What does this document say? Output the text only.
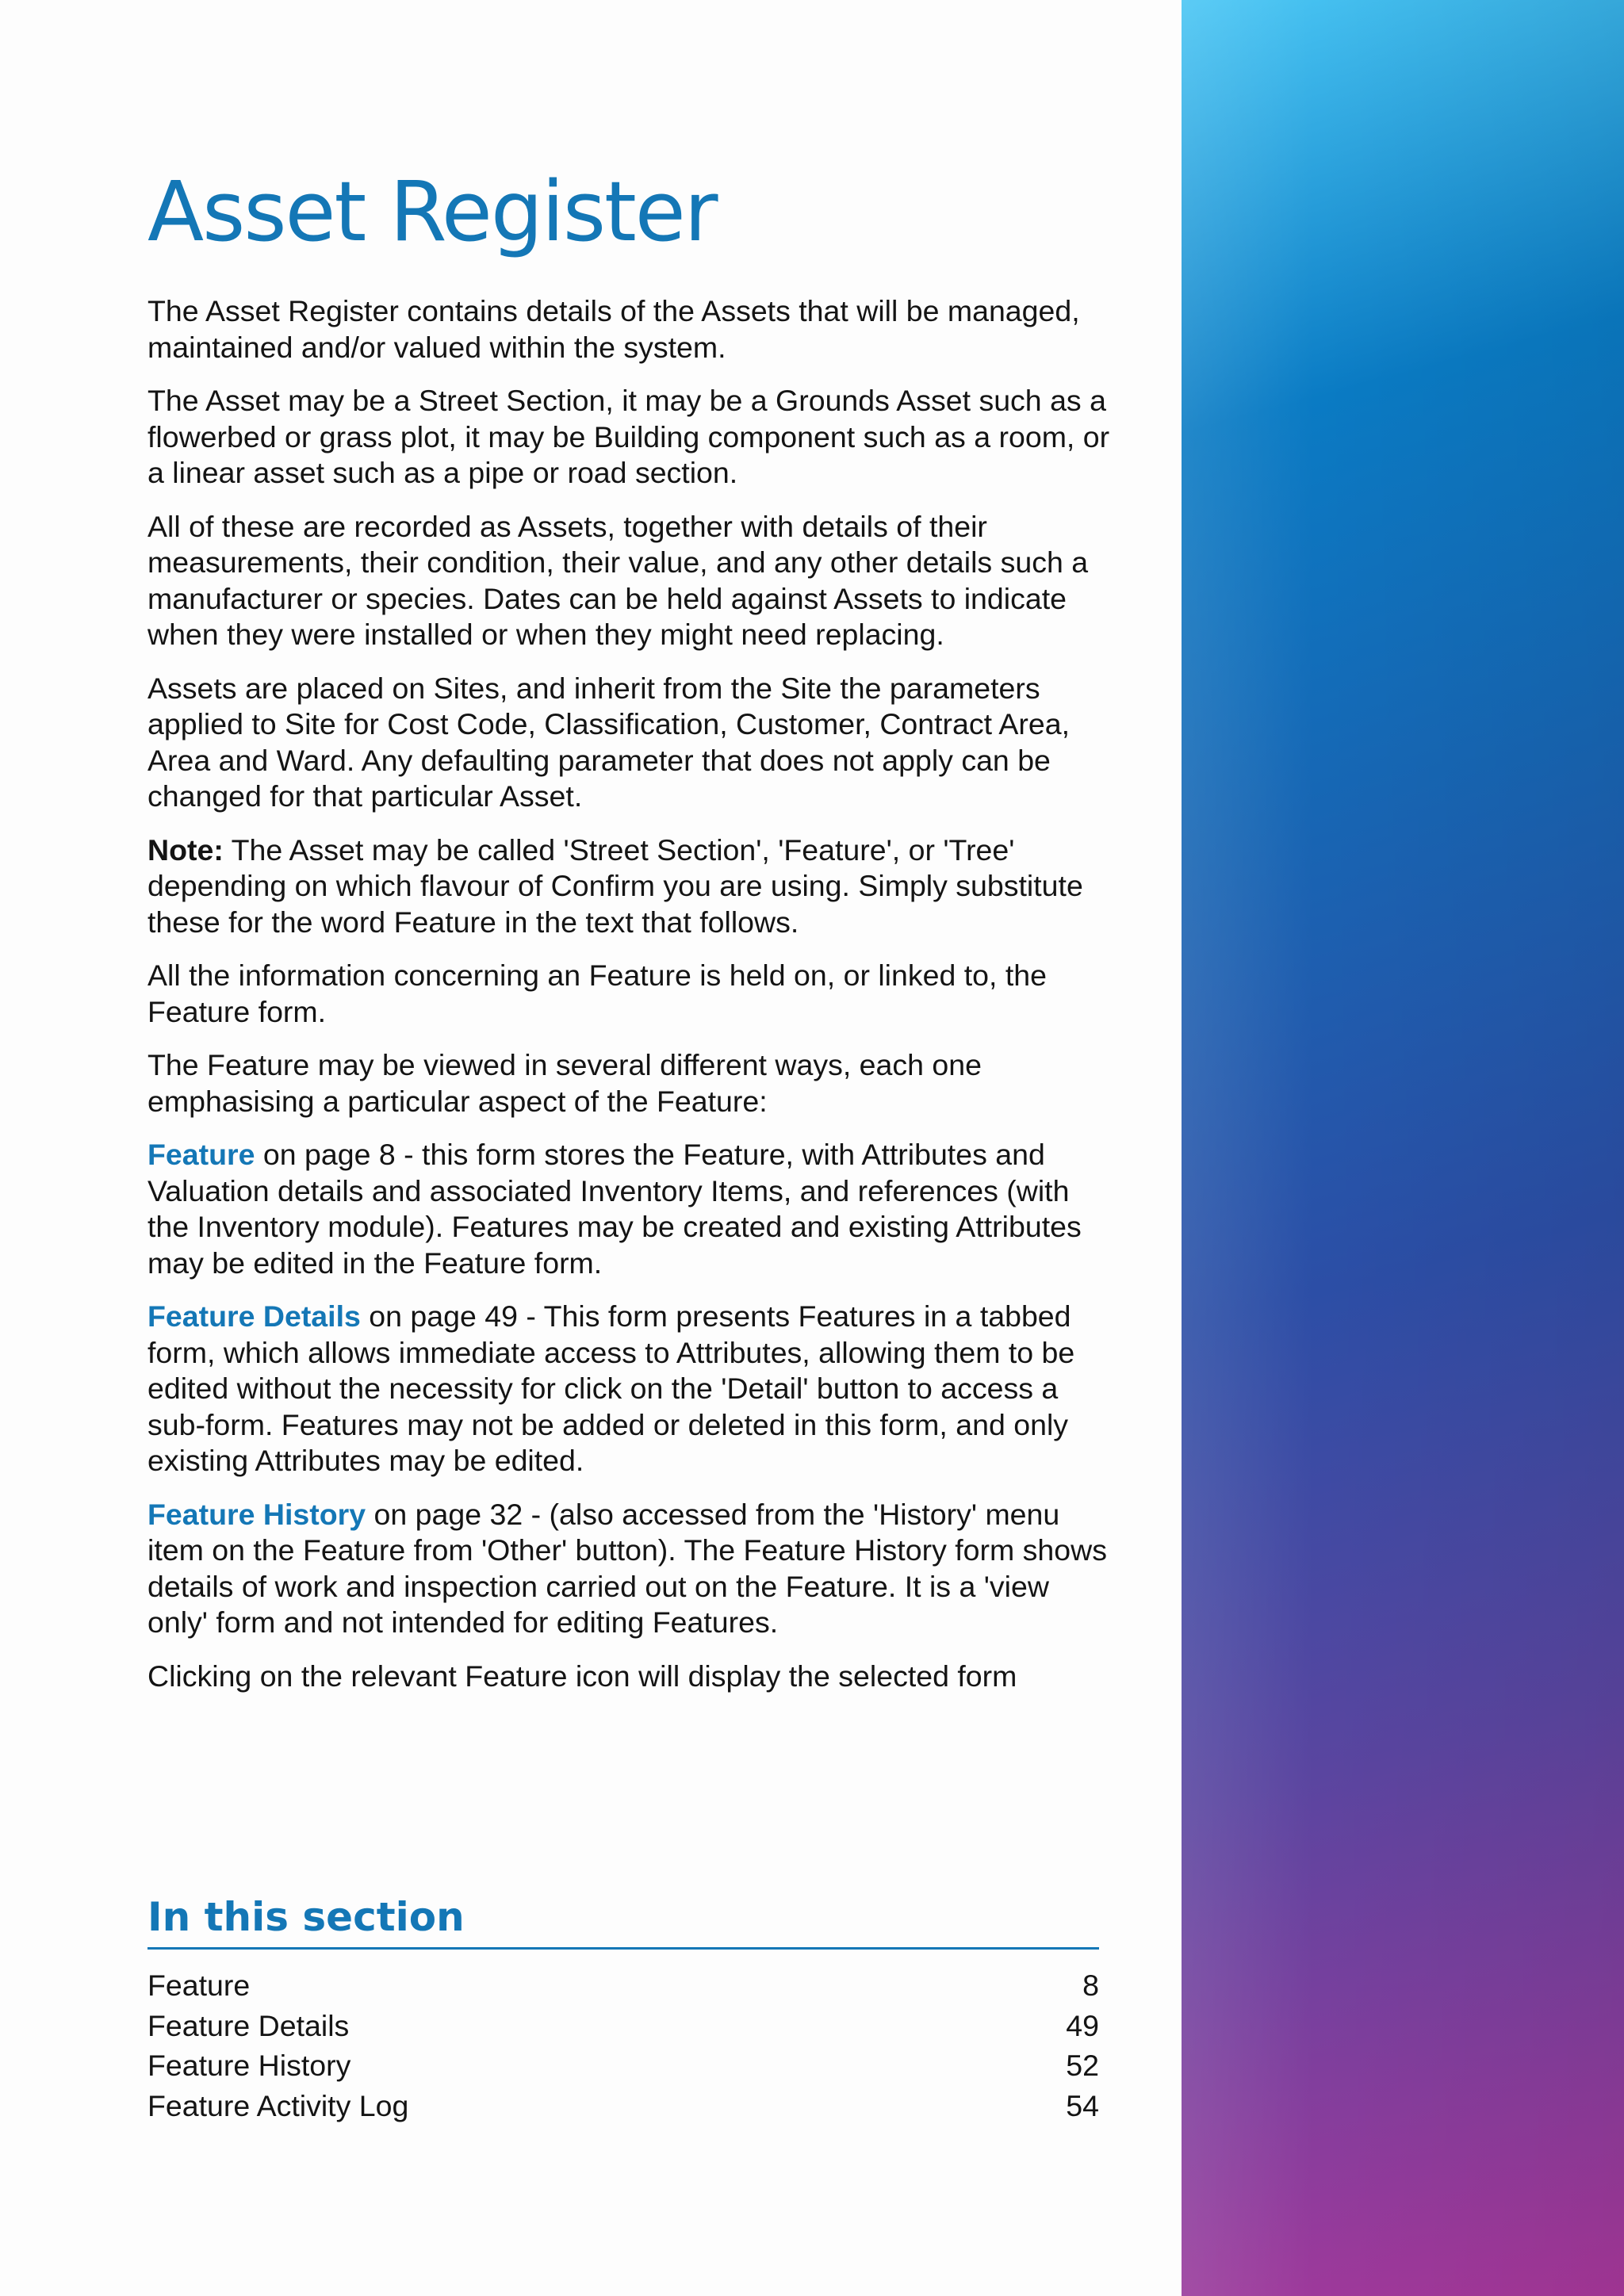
Asset Register

The Asset Register contains details of the Assets that will be managed, maintained and/or valued within the system.

The Asset may be a Street Section, it may be a Grounds Asset such as a flowerbed or grass plot, it may be Building component such as a room, or a linear asset such as a pipe or road section.

All of these are recorded as Assets, together with details of their measurements, their condition, their value, and any other details such a manufacturer or species. Dates can be held against Assets to indicate when they were installed or when they might need replacing.

Assets are placed on Sites, and inherit from the Site the parameters applied to Site for Cost Code, Classification, Customer, Contract Area, Area and Ward. Any defaulting parameter that does not apply can be changed for that particular Asset.

Note: The Asset may be called 'Street Section', 'Feature', or 'Tree' depending on which flavour of Confirm you are using. Simply substitute these for the word Feature in the text that follows.

All the information concerning an Feature is held on, or linked to, the Feature form.

The Feature may be viewed in several different ways, each one emphasising a particular aspect of the Feature:

Feature on page 8 - this form stores the Feature, with Attributes and Valuation details and associated Inventory Items, and references (with the Inventory module). Features may be created and existing Attributes may be edited in the Feature form.

Feature Details on page 49 - This form presents Features in a tabbed form, which allows immediate access to Attributes, allowing them to be edited without the necessity for click on the 'Detail' button to access a sub-form. Features may not be added or deleted in this form, and only existing Attributes may be edited.

Feature History on page 32 - (also accessed from the 'History' menu item on the Feature from 'Other' button). The Feature History form shows details of work and inspection carried out on the Feature. It is a 'view only' form and not intended for editing Features.

Clicking on the relevant Feature icon will display the selected form

In this section
Feature	8
Feature Details	49
Feature History	52
Feature Activity Log	54
